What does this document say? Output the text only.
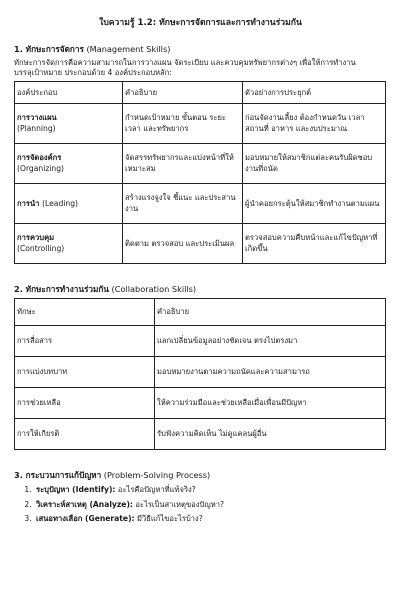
ใบความรู้ 1.2: ทักษะการจัดการและการทำงานร่วมกัน
1. ทักษะการจัดการ (Management Skills)
ทักษะการจัดการคือความสามารถในการวางแผน จัดระเบียบ และควบคุมทรัพยากรต่างๆ เพื่อให้การทำงาน
บรรลุเป้าหมาย ประกอบด้วย 4 องค์ประกอบหลัก:
องค์ประกอบ	คำอธิบาย	ตัวอย่างการประยุกต์

การวางแผน
(Planning)	กำหนดเป้าหมาย ขั้นตอน ระยะเวลา และทรัพยากร	ก่อนจัดงานเลี้ยง ต้องกำหนดวัน เวลา สถานที่ อาหาร และงบประมาณ

การจัดองค์กร
(Organizing)	จัดสรรทรัพยากรและแบ่งหน้าที่ให้เหมาะสม	มอบหมายให้สมาชิกแต่ละคนรับผิดชอบงานที่ถนัด
การนำ (Leading)	สร้างแรงจูงใจ ชี้แนะ และประสานงาน	ผู้นำคอยกระตุ้นให้สมาชิกทำงานตามแผน

การควบคุม
(Controlling)	ติดตาม ตรวจสอบ และประเมินผล	ตรวจสอบความคืบหน้าและแก้ไขปัญหาที่เกิดขึ้น
2. ทักษะการทำงานร่วมกัน (Collaboration Skills)
ทักษะ	คำอธิบาย
การสื่อสาร	แลกเปลี่ยนข้อมูลอย่างชัดเจน ตรงไปตรงมา
การแบ่งบทบาท	มอบหมายงานตามความถนัดและความสามารถ
การช่วยเหลือ	ให้ความร่วมมือและช่วยเหลือเมื่อเพื่อนมีปัญหา
การให้เกียรติ	รับฟังความคิดเห็น ไม่ดูแคลนผู้อื่น
3. กระบวนการแก้ปัญหา (Problem-Solving Process)
1. ระบุปัญหา (Identify): อะไรคือปัญหาที่แท้จริง?
2. วิเคราะห์สาเหตุ (Analyze): อะไรเป็นสาเหตุของปัญหา?
3. เสนอทางเลือก (Generate): มีวิธีแก้ไขอะไรบ้าง?
